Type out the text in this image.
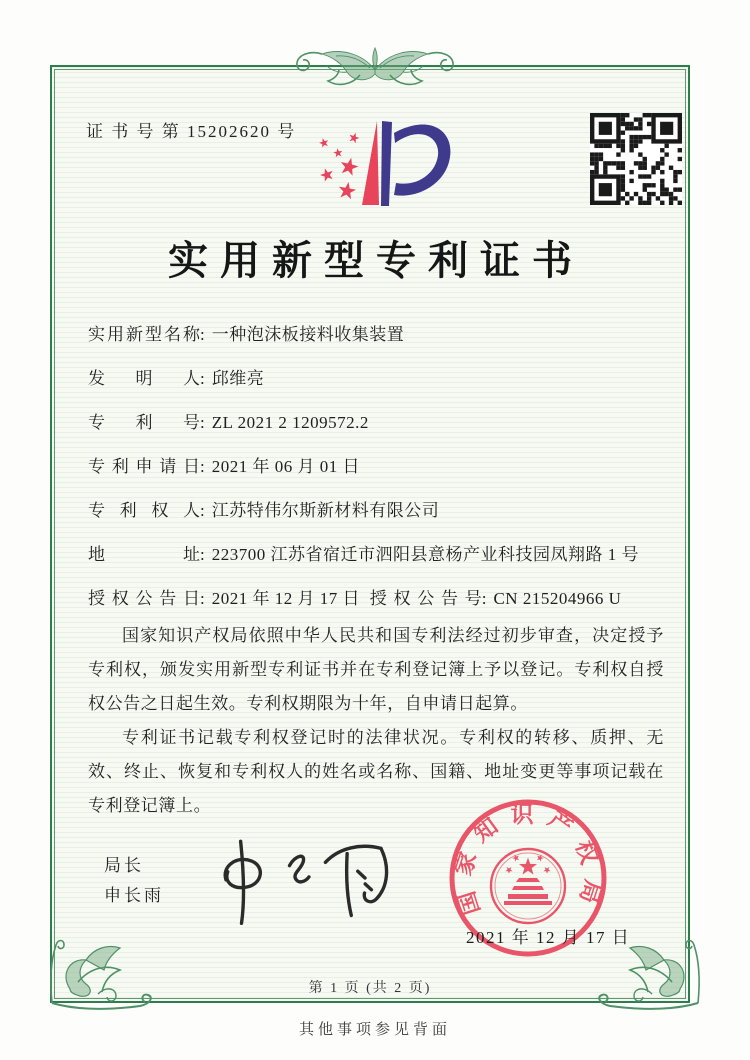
证 书 号 第 15202620 号
实用新型专利证书
实用新型名称: 一种泡沫板接料收集装置
发明人: 邱维亮
专利号: ZL 2021 2 1209572.2
专利申请日: 2021 年 06 月 01 日
专利权人: 江苏特伟尔斯新材料有限公司
地址: 223700 江苏省宿迁市泗阳县意杨产业科技园凤翔路 1 号
授权公告日: 2021 年 12 月 17 日 授权公告号: CN 215204966 U

国家知识产权局依照中华人民共和国专利法经过初步审查，决定授予专利权，颁发实用新型专利证书并在专利登记簿上予以登记。专利权自授权公告之日起生效。专利权期限为十年，自申请日起算。

专利证书记载专利权登记时的法律状况。专利权的转移、质押、无效、终止、恢复和专利权人的姓名或名称、国籍、地址变更等事项记载在专利登记簿上。

局长
申长雨	国家知识产权局
2021 年 12 月 17 日
第 1 页 (共 2 页)
其他事项参见背面
